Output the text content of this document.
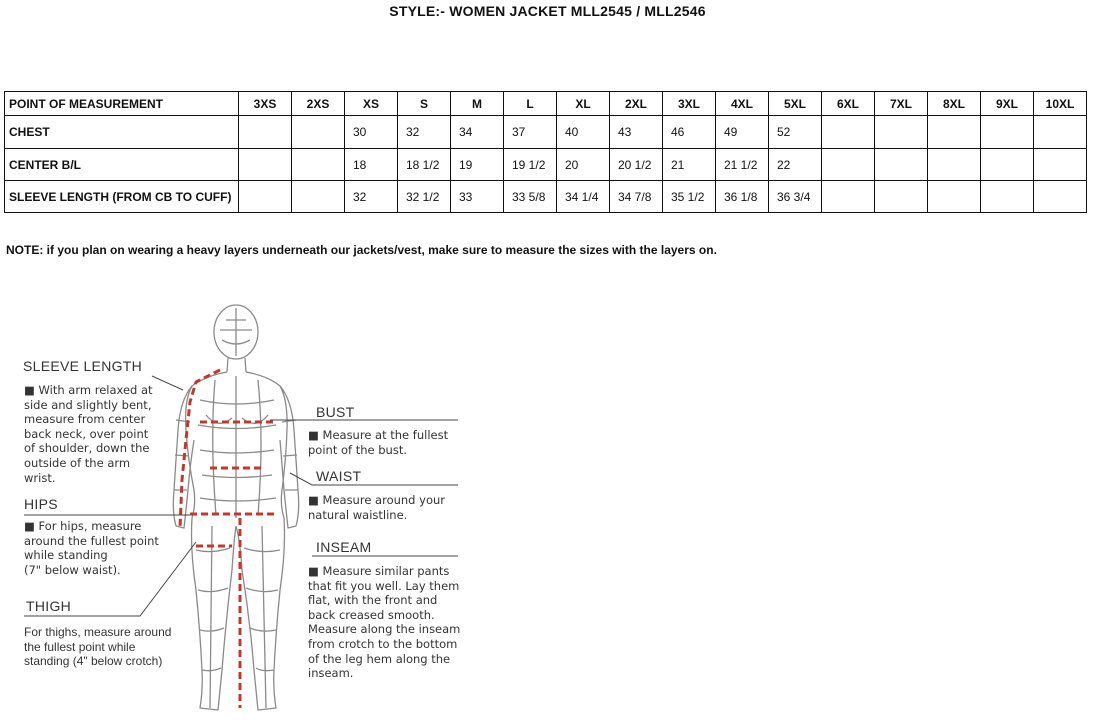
STYLE:- WOMEN JACKET MLL2545 / MLL2546
POINT OF MEASUREMENT	3XS	2XS	XS	S	M	L	XL	2XL	3XL	4XL	5XL	6XL	7XL	8XL	9XL	10XL
CHEST			30	32	34	37	40	43	46	49	52					
CENTER B/L			18	18 1/2	19	19 1/2	20	20 1/2	21	21 1/2	22					
SLEEVE LENGTH (FROM CB TO CUFF)			32	32 1/2	33	33 5/8	34 1/4	34 7/8	35 1/2	36 1/8	36 3/4					
NOTE: if you plan on wearing a heavy layers underneath our jackets/vest, make sure to measure the sizes with the layers on.
SLEEVE LENGTH
■ With arm relaxed at
side and slightly bent,
measure from center
back neck, over point
of shoulder, down the
outside of the arm
wrist.
HIPS
■ For hips, measure
around the fullest point
while standing
(7" below waist).
THIGH
For thighs, measure around
the fullest point while
standing (4" below crotch)
BUST
■ Measure at the fullest
point of the bust.
WAIST
■ Measure around your
natural waistline.
INSEAM
■ Measure similar pants
that fit you well. Lay them
flat, with the front and
back creased smooth.
Measure along the inseam
from crotch to the bottom
of the leg hem along the
inseam.
